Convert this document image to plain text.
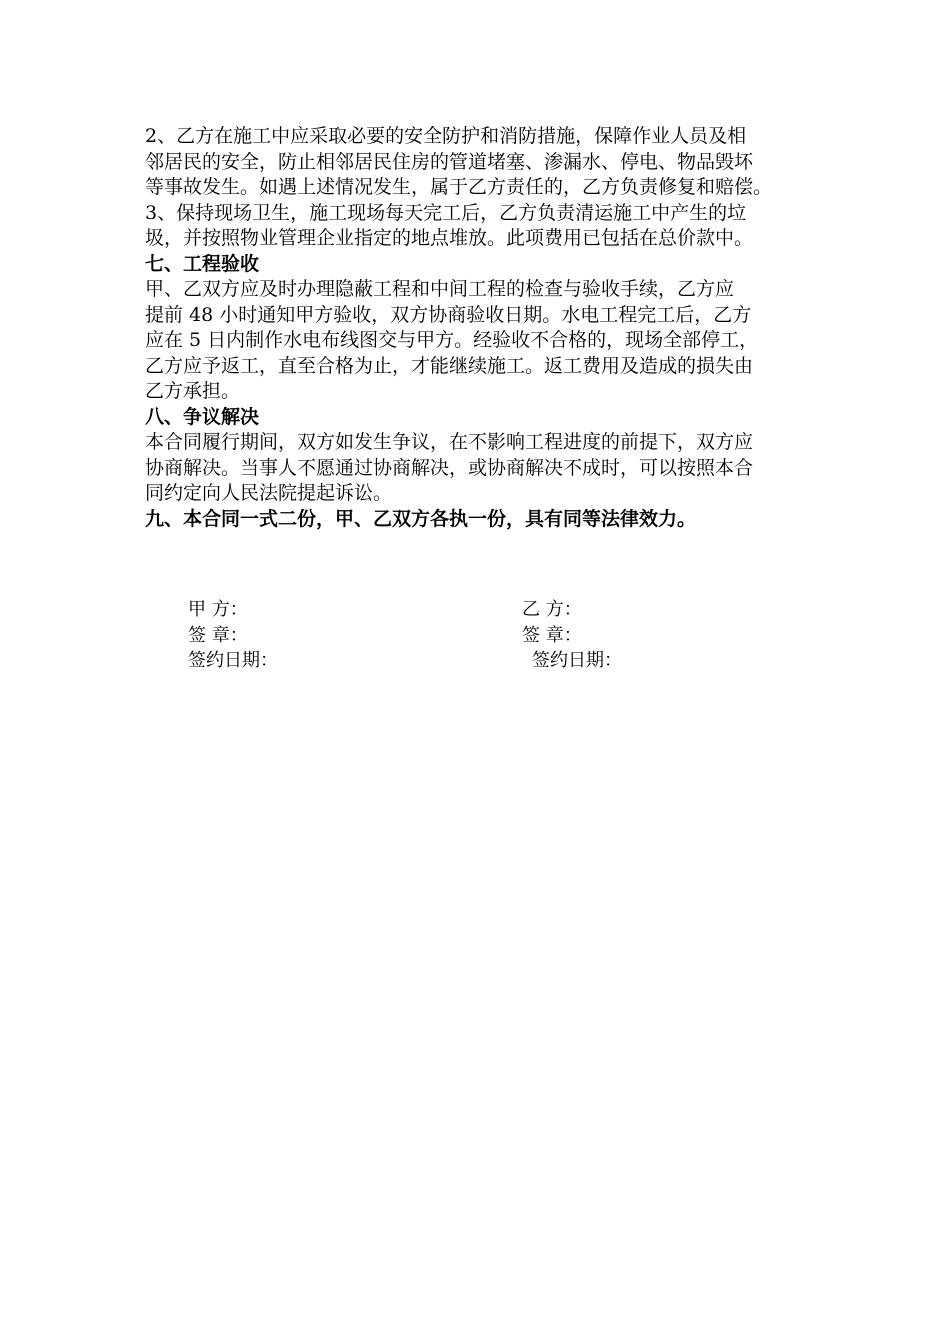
2、乙方在施工中应采取必要的安全防护和消防措施，保障作业人员及相
邻居民的安全，防止相邻居民住房的管道堵塞、渗漏水、停电、物品毁坏
等事故发生。如遇上述情况发生，属于乙方责任的，乙方负责修复和赔偿。
3、保持现场卫生，施工现场每天完工后，乙方负责清运施工中产生的垃
圾，并按照物业管理企业指定的地点堆放。此项费用已包括在总价款中。
七、工程验收
甲、乙双方应及时办理隐蔽工程和中间工程的检查与验收手续，乙方应
提前 48 小时通知甲方验收，双方协商验收日期。水电工程完工后，乙方
应在 5 日内制作水电布线图交与甲方。经验收不合格的，现场全部停工，
乙方应予返工，直至合格为止，才能继续施工。返工费用及造成的损失由
乙方承担。
八、争议解决
本合同履行期间，双方如发生争议，在不影响工程进度的前提下，双方应
协商解决。当事人不愿通过协商解决，或协商解决不成时，可以按照本合
同约定向人民法院提起诉讼。
九、本合同一式二份，甲、乙双方各执一份，具有同等法律效力。
甲 方：	乙 方：
签 章：	签 章：
签约日期：	签约日期：
